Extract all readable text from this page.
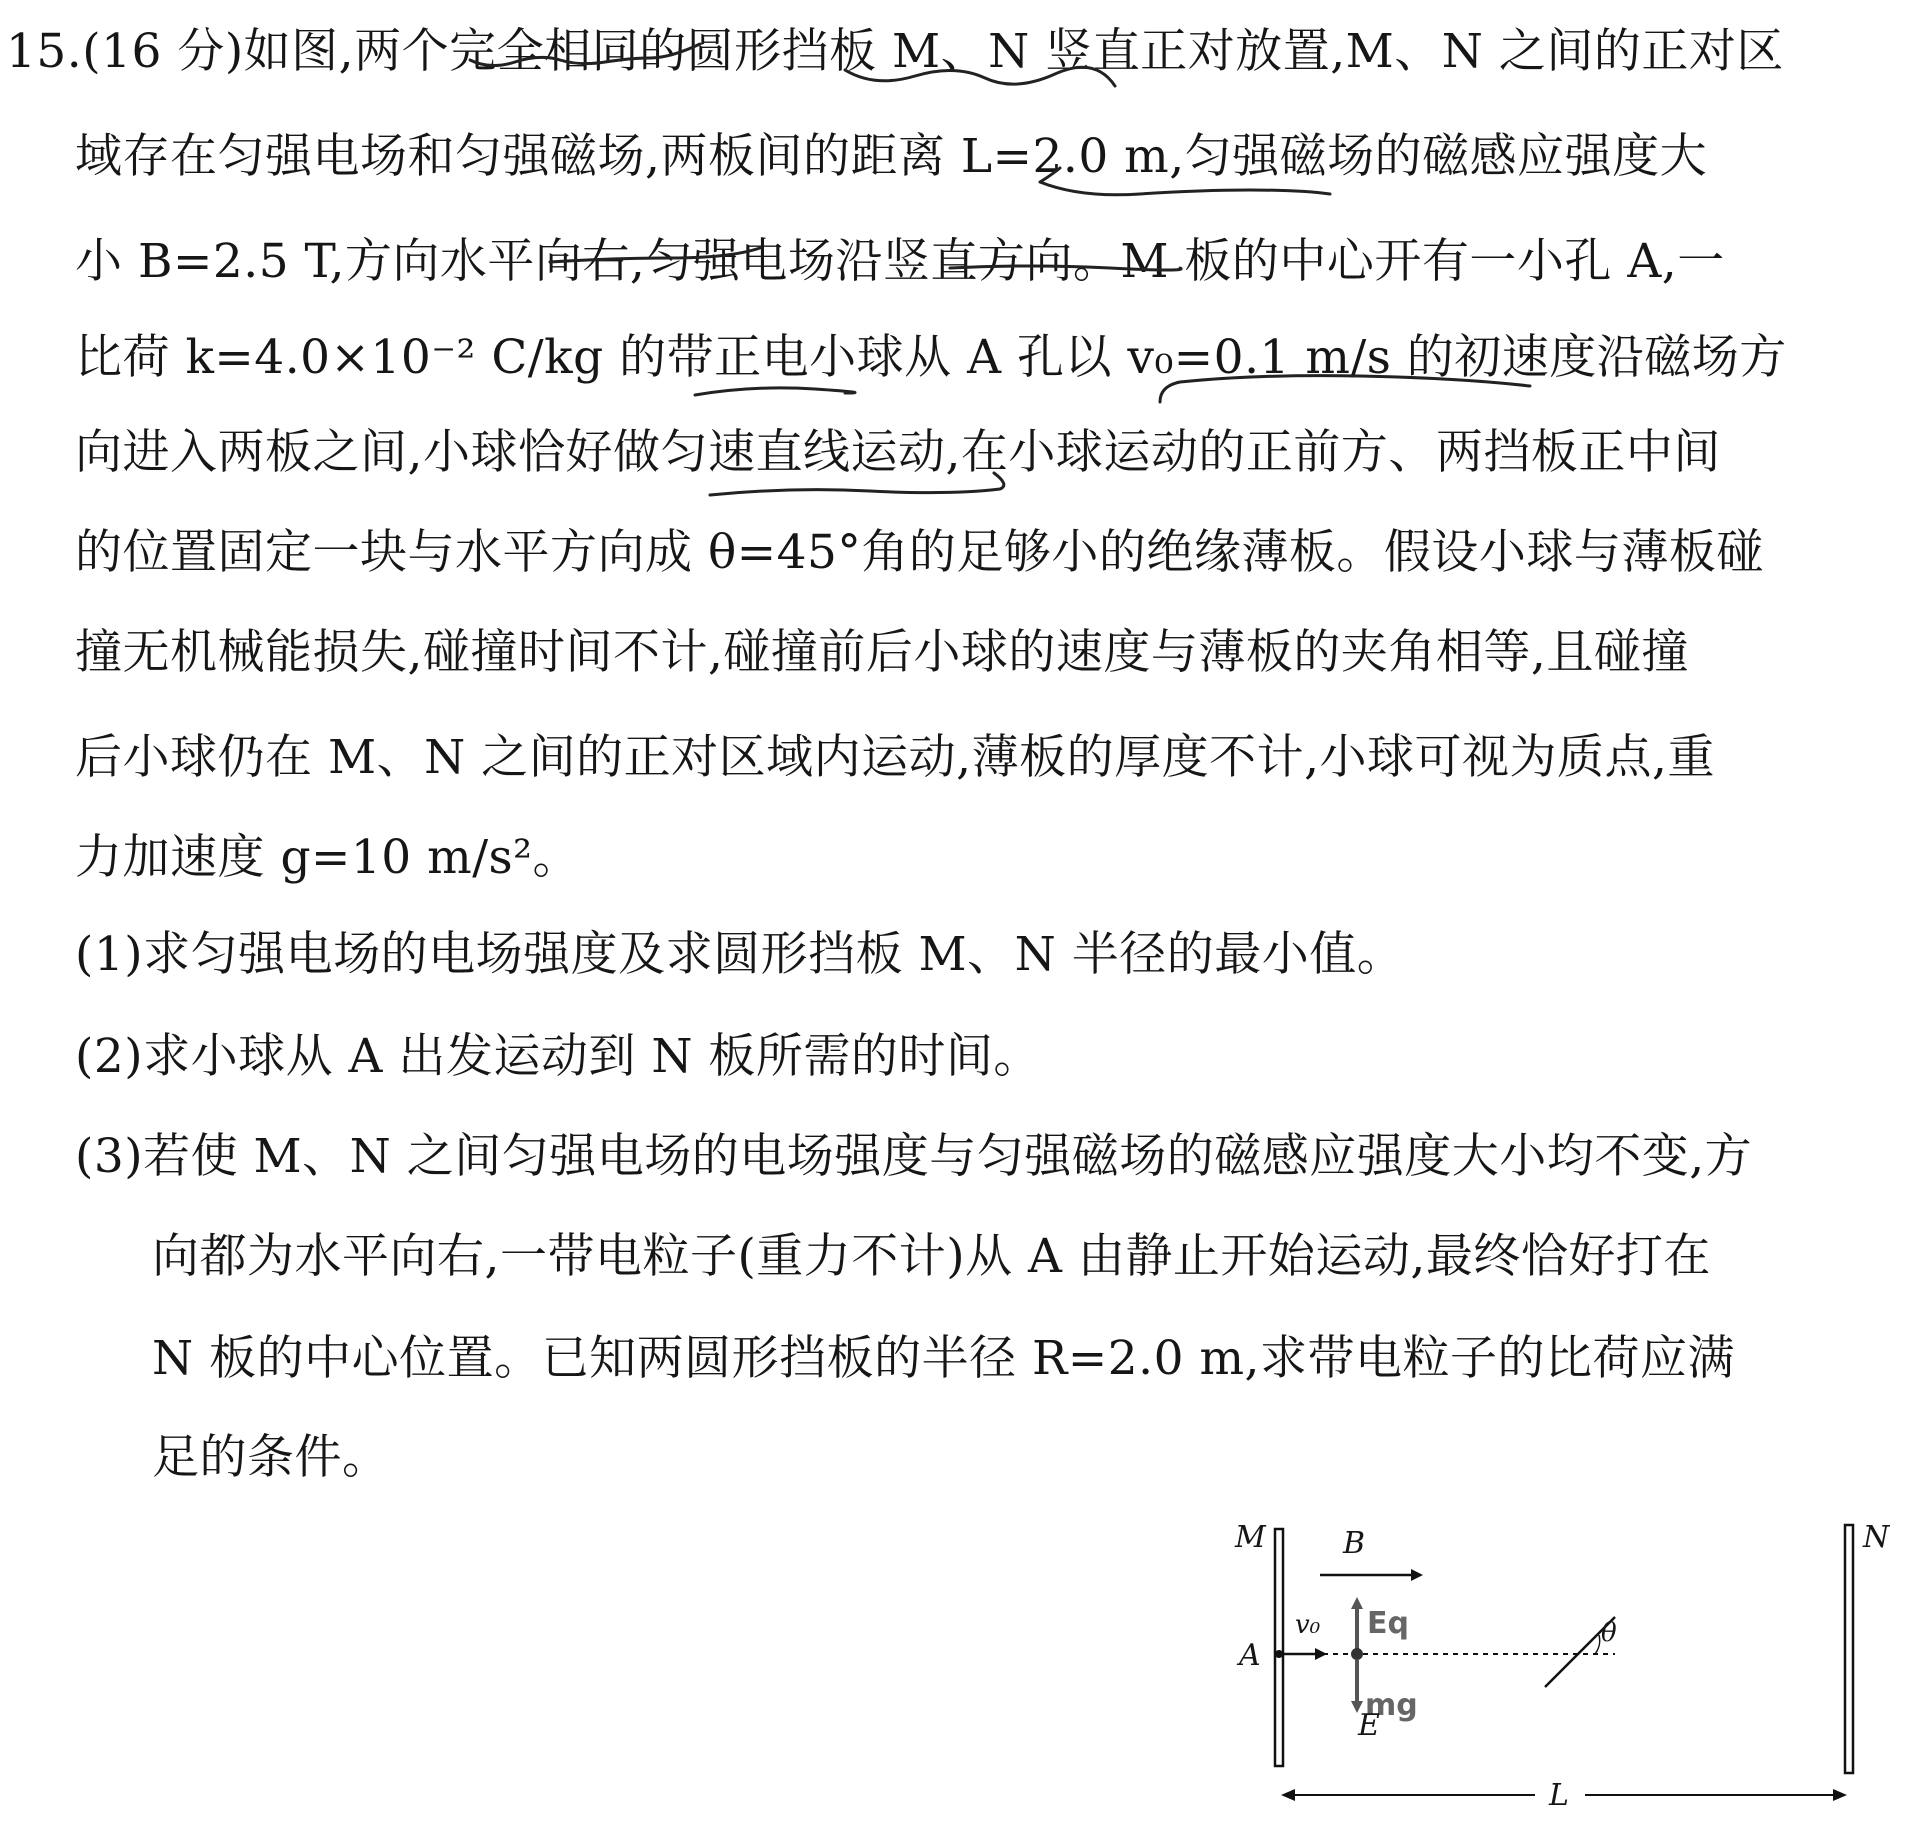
15.(16 分)如图,两个完全相同的圆形挡板 M、N 竖直正对放置,M、N 之间的正对区
域存在匀强电场和匀强磁场,两板间的距离 L=2.0 m,匀强磁场的磁感应强度大
小 B=2.5 T,方向水平向右,匀强电场沿竖直方向。M 板的中心开有一小孔 A,一
比荷 k=4.0×10⁻² C/kg 的带正电小球从 A 孔以 v₀=0.1 m/s 的初速度沿磁场方
向进入两板之间,小球恰好做匀速直线运动,在小球运动的正前方、两挡板正中间
的位置固定一块与水平方向成 θ=45°角的足够小的绝缘薄板。假设小球与薄板碰
撞无机械能损失,碰撞时间不计,碰撞前后小球的速度与薄板的夹角相等,且碰撞
后小球仍在 M、N 之间的正对区域内运动,薄板的厚度不计,小球可视为质点,重
力加速度 g=10 m/s²。
(1)求匀强电场的电场强度及求圆形挡板 M、N 半径的最小值。
(2)求小球从 A 出发运动到 N 板所需的时间。
(3)若使 M、N 之间匀强电场的电场强度与匀强磁场的磁感应强度大小均不变,方
向都为水平向右,一带电粒子(重力不计)从 A 由静止开始运动,最终恰好打在
N 板的中心位置。已知两圆形挡板的半径 R=2.0 m,求带电粒子的比荷应满
足的条件。
M	N
A
v₀
B
Eq
mg
E
θ
L
